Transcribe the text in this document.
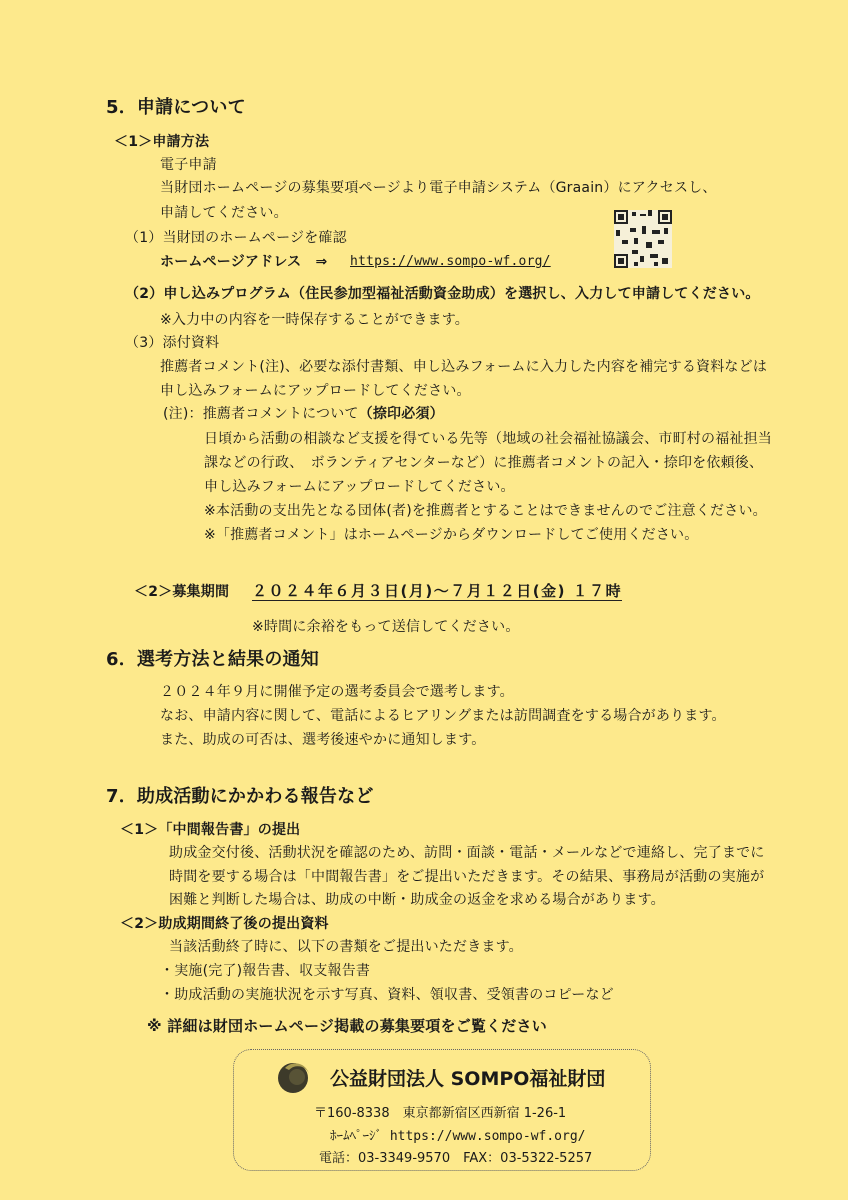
5．申請について
＜1＞申請方法
電子申請
当財団ホームページの募集要項ページより電子申請システム（Graain）にアクセスし、
申請してください。
（1）当財団のホームページを確認
ホームページアドレス　⇒ https://www.sompo-wf.org/
（2）申し込みプログラム（住民参加型福祉活動資金助成）を選択し、入力して申請してください。
※入力中の内容を一時保存することができます。
（3）添付資料
推薦者コメント(注)、必要な添付書類、申し込みフォームに入力した内容を補完する資料などは
申し込みフォームにアップロードしてください。
(注)：推薦者コメントについて（捺印必須）
日頃から活動の相談など支援を得ている先等（地域の社会福祉協議会、市町村の福祉担当
課などの行政、　ボランティアセンターなど）に推薦者コメントの記入・捺印を依頼後、
申し込みフォームにアップロードしてください。
※本活動の支出先となる団体(者)を推薦者とすることはできませんのでご注意ください。
※「推薦者コメント」はホームページからダウンロードしてご使用ください。
＜2＞募集期間 ２０２４年６月３日(月)～７月１２日(金) １７時
※時間に余裕をもって送信してください。
6．選考方法と結果の通知
２０２４年９月に開催予定の選考委員会で選考します。
なお、申請内容に関して、電話によるヒアリングまたは訪問調査をする場合があります。
また、助成の可否は、選考後速やかに通知します。
7．助成活動にかかわる報告など
＜1＞「中間報告書」の提出
助成金交付後、活動状況を確認のため、訪問・面談・電話・メールなどで連絡し、完了までに
時間を要する場合は「中間報告書」をご提出いただきます。その結果、事務局が活動の実施が
困難と判断した場合は、助成の中断・助成金の返金を求める場合があります。
＜2＞助成期間終了後の提出資料
当該活動終了時に、以下の書類をご提出いただきます。
・実施(完了)報告書、収支報告書
・助成活動の実施状況を示す写真、資料、領収書、受領書のコピーなど
※ 詳細は財団ホームページ掲載の募集要項をご覧ください
公益財団法人 SOMPO福祉財団
〒160-8338　東京都新宿区西新宿 1-26-1
ﾎｰﾑﾍﾟｰｼﾞ https://www.sompo-wf.org/
電話：03-3349-9570　FAX：03-5322-5257
